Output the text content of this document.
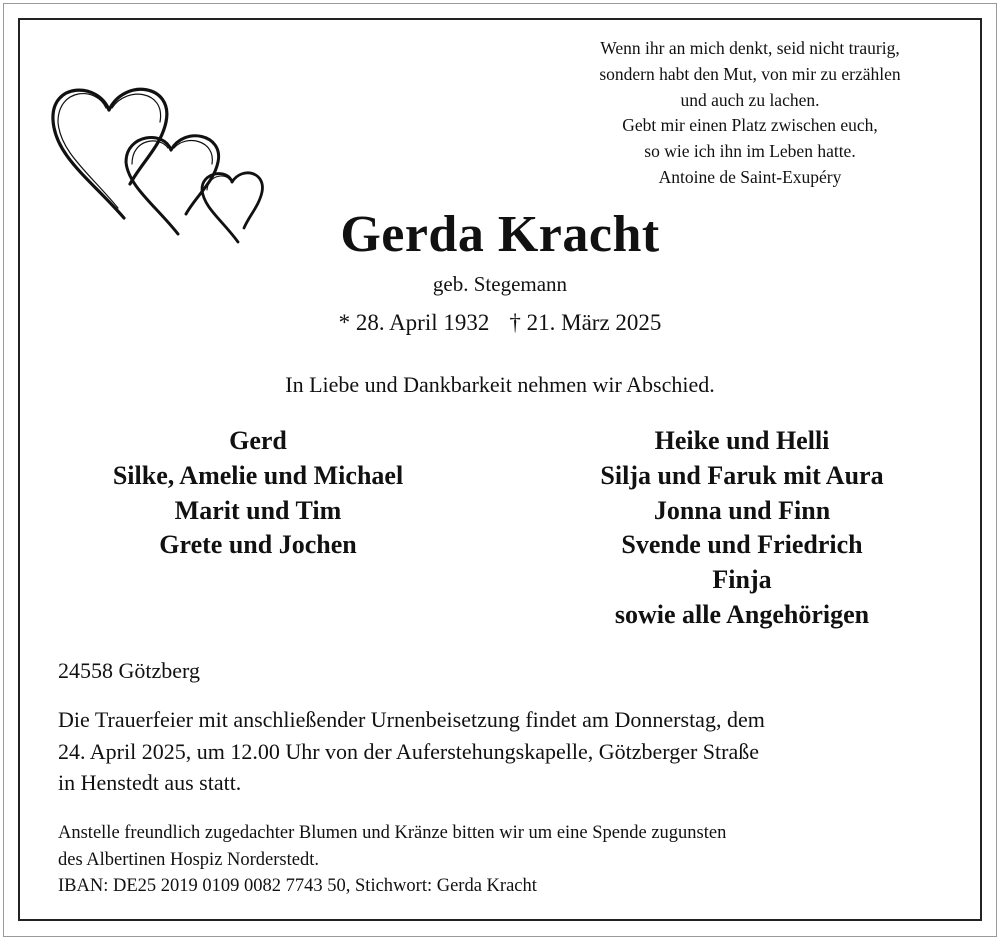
Wenn ihr an mich denkt, seid nicht traurig,
sondern habt den Mut, von mir zu erzählen
und auch zu lachen.
Gebt mir einen Platz zwischen euch,
so wie ich ihn im Leben hatte.
Antoine de Saint-Exupéry
Gerda Kracht
geb. Stegemann
* 28. April 1932 † 21. März 2025
In Liebe und Dankbarkeit nehmen wir Abschied.
Gerd
Silke, Amelie und Michael
Marit und Tim
Grete und Jochen
Heike und Helli
Silja und Faruk mit Aura
Jonna und Finn
Svende und Friedrich
Finja
sowie alle Angehörigen
24558 Götzberg
Die Trauerfeier mit anschließender Urnenbeisetzung findet am Donnerstag, dem
24. April 2025, um 12.00 Uhr von der Auferstehungskapelle, Götzberger Straße
in Henstedt aus statt.
Anstelle freundlich zugedachter Blumen und Kränze bitten wir um eine Spende zugunsten
des Albertinen Hospiz Norderstedt.
IBAN: DE25 2019 0109 0082 7743 50, Stichwort: Gerda Kracht
